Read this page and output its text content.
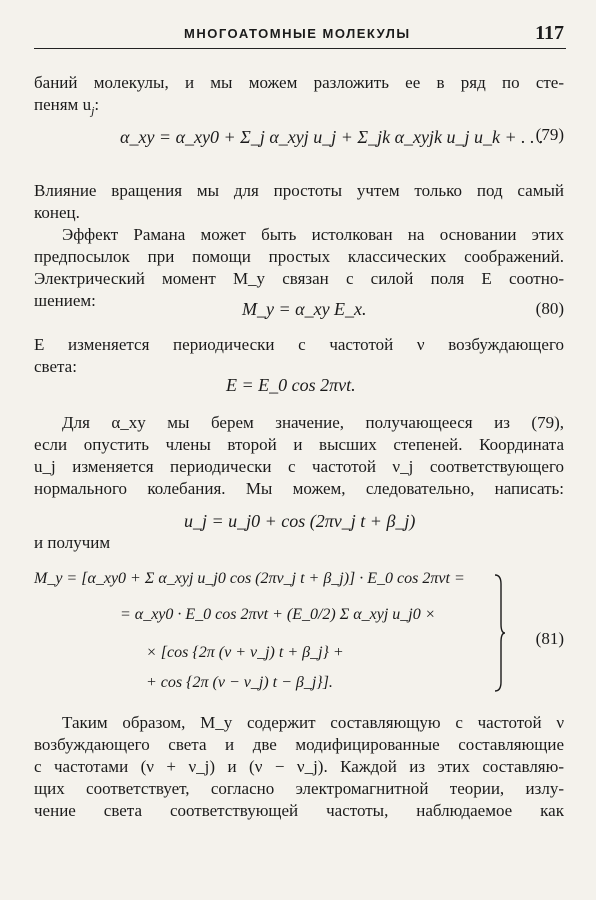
МНОГОАТОМНЫЕ МОЛЕКУЛЫ	117
баний молекулы, и мы можем разложить ее в ряд по сте-
пеням $u_j$:
α_xy = α_xy0 + Σ_j α_xyj u_j + Σ_jk α_xyjk u_j u_k + . . .
(79)
Влияние вращения мы для простоты учтем только под самый
конец.
Эффект Рамана может быть истолкован на основании этих
предпосылок при помощи простых классических соображений.
Электрический момент M_y связан с силой поля E соотно-
шением:	M_y = α_xy E_x.	(80)
E изменяется периодически с частотой ν возбуждающего
света:
E = E_0 cos 2πνt.
Для α_xy мы берем значение, получающееся из (79),
если опустить члены второй и высших степеней. Координата
u_j изменяется периодически с частотой ν_j соответствующего
нормального колебания. Мы можем, следовательно, написать:
u_j = u_j0 + cos (2πν_j t + β_j)
и получим
M_y = [α_xy0 + Σ α_xyj u_j0 cos (2πν_j t + β_j)] · E_0 cos 2πνt =
= α_xy0 · E_0 cos 2πνt + (E_0/2) Σ α_xyj u_j0 ×
× [cos {2π (ν + ν_j) t + β_j} +
+ cos {2π (ν − ν_j) t − β_j}].
(81)
Таким образом, M_y содержит составляющую с частотой ν
возбуждающего света и две модифицированные составляющие
с частотами (ν + ν_j) и (ν − ν_j). Каждой из этих составляю-
щих соответствует, согласно электромагнитной теории, излу-
чение света соответствующей частоты, наблюдаемое как
